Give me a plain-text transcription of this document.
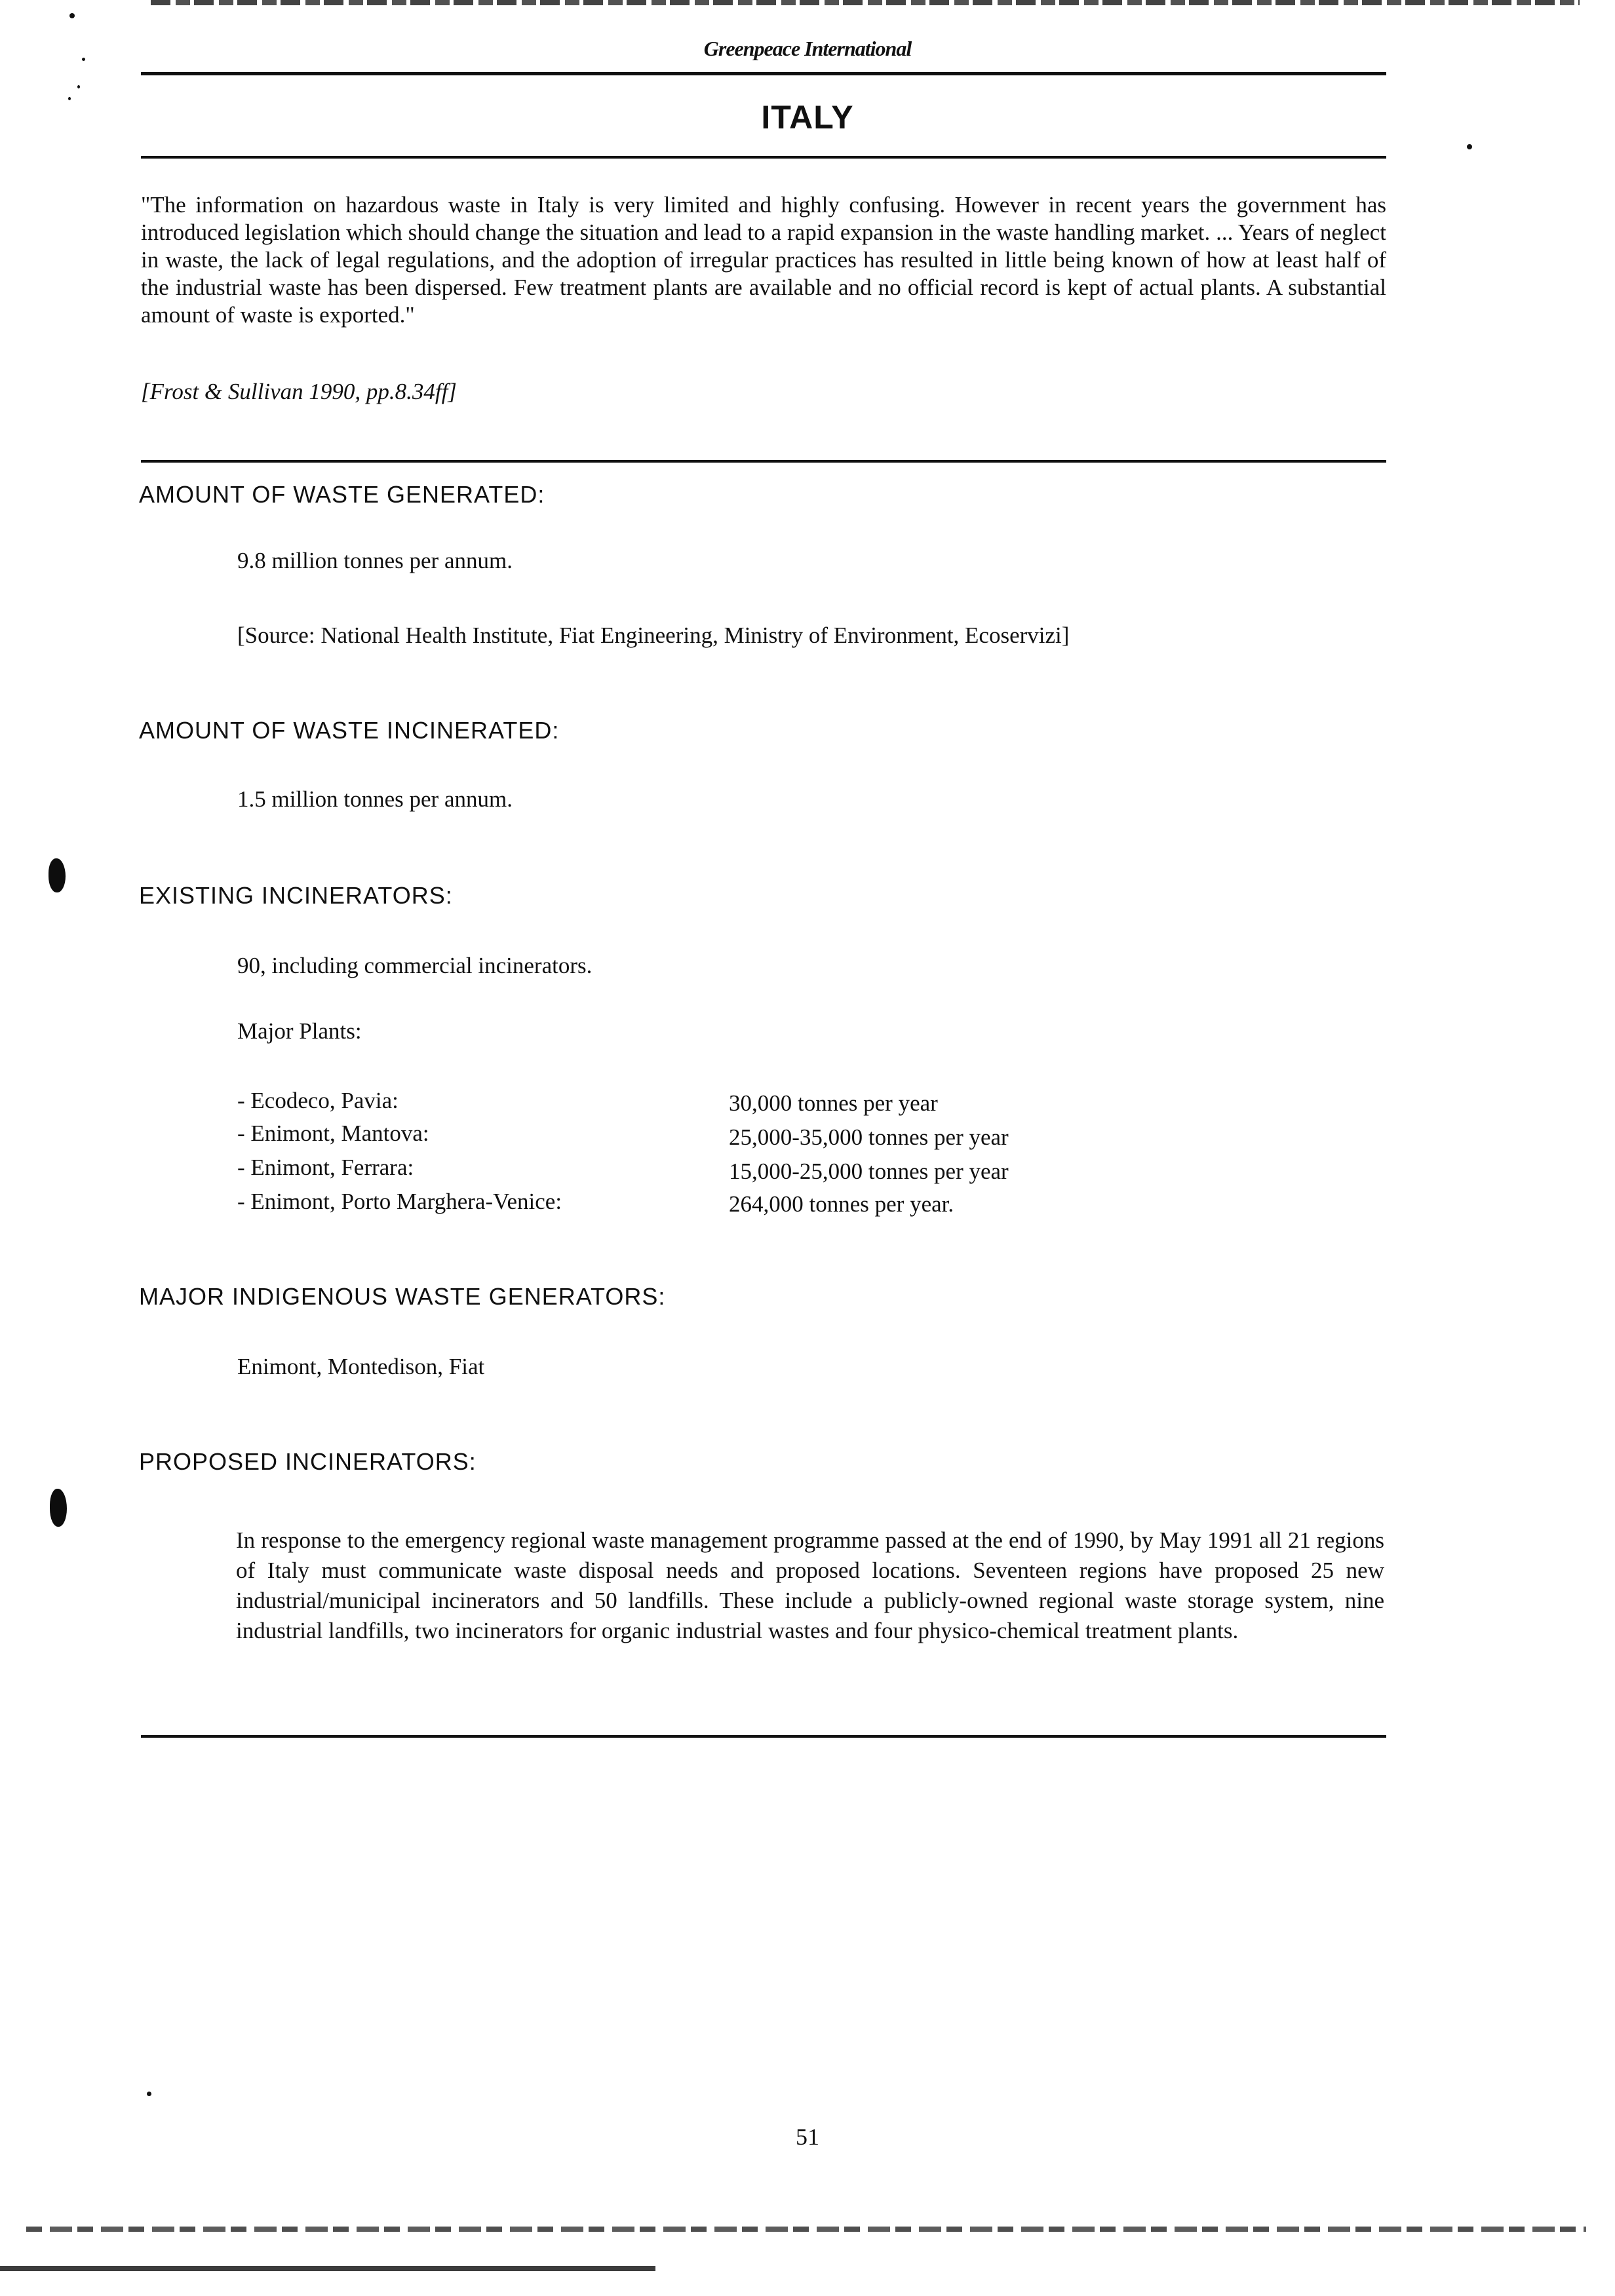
Greenpeace International
ITALY
"The information on hazardous waste in Italy is very limited and highly confusing. However in recent years the government has introduced legislation which should change the situation and lead to a rapid expansion in the waste handling market. ... Years of neglect in waste, the lack of legal regulations, and the adoption of irregular practices has resulted in little being known of how at least half of the industrial waste has been dispersed. Few treatment plants are available and no official record is kept of actual plants. A substantial amount of waste is exported."
[Frost & Sullivan 1990, pp.8.34ff]
AMOUNT OF WASTE GENERATED:
9.8 million tonnes per annum.
[Source: National Health Institute, Fiat Engineering, Ministry of Environment, Ecoservizi]
AMOUNT OF WASTE INCINERATED:
1.5 million tonnes per annum.
EXISTING INCINERATORS:
90, including commercial incinerators.
Major Plants:
- Ecodeco, Pavia:	30,000 tonnes per year
- Enimont, Mantova:	25,000-35,000 tonnes per year
- Enimont, Ferrara:	15,000-25,000 tonnes per year
- Enimont, Porto Marghera-Venice:	264,000 tonnes per year.
MAJOR INDIGENOUS WASTE GENERATORS:
Enimont, Montedison, Fiat
PROPOSED INCINERATORS:
In response to the emergency regional waste management programme passed at the end of 1990, by May 1991 all 21 regions of Italy must communicate waste disposal needs and proposed locations. Seventeen regions have proposed 25 new industrial/municipal incinerators and 50 landfills. These include a publicly-owned regional waste storage system, nine industrial landfills, two incinerators for organic industrial wastes and four physico-chemical treatment plants.
51
